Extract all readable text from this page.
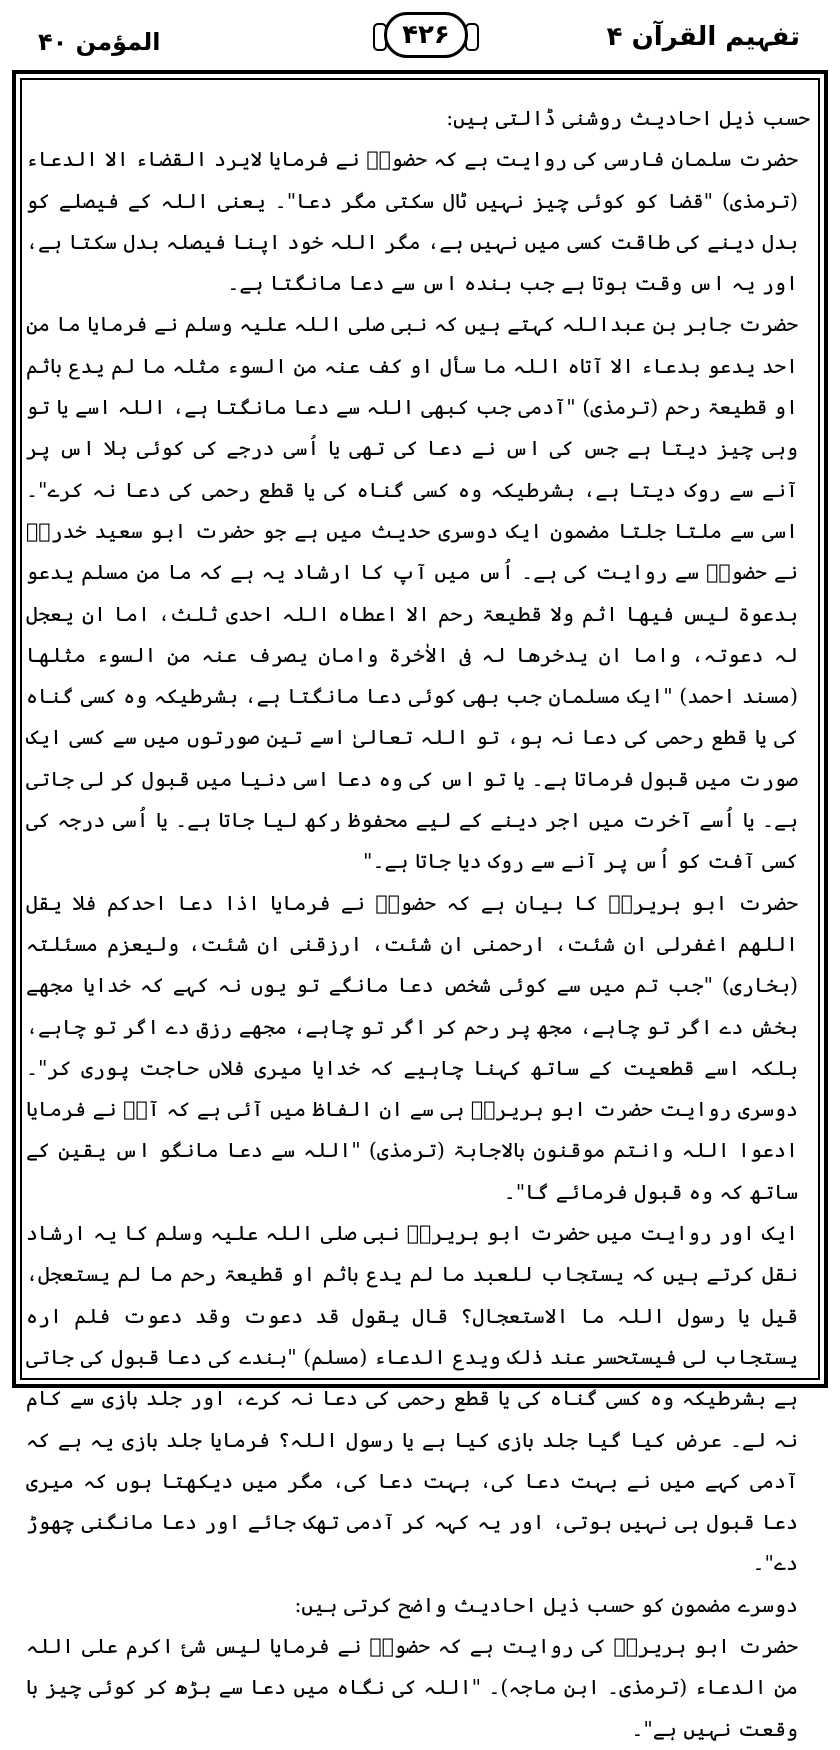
تفہیم القرآن ۴
۴۲۶
المؤمن ۴۰

حسب ذیل احادیث روشنی ڈالتی ہیں:

حضرت سلمان فارسی کی روایت ہے کہ حضورؐ نے فرمایا لایرد القضاء الا الدعاء (ترمذی) "قضا کو کوئی چیز نہیں ٹال سکتی مگر دعا"۔ یعنی اللہ کے فیصلے کو بدل دینے کی طاقت کسی میں نہیں ہے، مگر اللہ خود اپنا فیصلہ بدل سکتا ہے، اور یہ اس وقت ہوتا ہے جب بندہ اس سے دعا مانگتا ہے۔

حضرت جابر بن عبداللہ کہتے ہیں کہ نبی صلی اللہ علیہ وسلم نے فرمایا ما من احد یدعو بدعاء الا آتاہ اللہ ما سأل او کف عنہ من السوء مثلہ ما لم یدع باثم او قطیعۃ رحم (ترمذی) "آدمی جب کبھی اللہ سے دعا مانگتا ہے، اللہ اسے یا تو وہی چیز دیتا ہے جس کی اس نے دعا کی تھی یا اُسی درجے کی کوئی بلا اس پر آنے سے روک دیتا ہے، بشرطیکہ وہ کسی گناہ کی یا قطع رحمی کی دعا نہ کرے"۔ اسی سے ملتا جلتا مضمون ایک دوسری حدیث میں ہے جو حضرت ابو سعید خدریؓ نے حضورؐ سے روایت کی ہے۔ اُس میں آپ کا ارشاد یہ ہے کہ ما من مسلم یدعو بدعوۃ لیس فیھا اثم ولا قطیعۃ رحم الا اعطاہ اللہ احدی ثلث، اما ان یعجل لہ دعوتہ، واما ان یدخرھا لہ فی الاٰخرۃ وامان یصرف عنہ من السوء مثلھا (مسند احمد) "ایک مسلمان جب بھی کوئی دعا مانگتا ہے، بشرطیکہ وہ کسی گناہ کی یا قطع رحمی کی دعا نہ ہو، تو اللہ تعالیٰ اسے تین صورتوں میں سے کسی ایک صورت میں قبول فرماتا ہے۔ یا تو اس کی وہ دعا اسی دنیا میں قبول کر لی جاتی ہے۔ یا اُسے آخرت میں اجر دینے کے لیے محفوظ رکھ لیا جاتا ہے۔ یا اُسی درجہ کی کسی آفت کو اُس پر آنے سے روک دیا جاتا ہے۔"

حضرت ابو ہریرہؓ کا بیان ہے کہ حضورؐ نے فرمایا اذا دعا احدکم فلا یقل اللھم اغفرلی ان شئت، ارحمنی ان شئت، ارزقنی ان شئت، ولیعزم مسئلتہ (بخاری) "جب تم میں سے کوئی شخص دعا مانگے تو یوں نہ کہے کہ خدایا مجھے بخش دے اگر تو چاہے، مجھ پر رحم کر اگر تو چاہے، مجھے رزق دے اگر تو چاہے، بلکہ اسے قطعیت کے ساتھ کہنا چاہیے کہ خدایا میری فلاں حاجت پوری کر"۔ دوسری روایت حضرت ابو ہریرہؓ ہی سے ان الفاظ میں آئی ہے کہ آپؐ نے فرمایا ادعوا اللہ وانتم موقنون بالاجابۃ (ترمذی) "اللہ سے دعا مانگو اس یقین کے ساتھ کہ وہ قبول فرمائے گا"۔

ایک اور روایت میں حضرت ابو ہریرہؓ نبی صلی اللہ علیہ وسلم کا یہ ارشاد نقل کرتے ہیں کہ یستجاب للعبد ما لم یدع باثم او قطیعۃ رحم ما لم یستعجل، قیل یا رسول اللہ ما الاستعجال؟ قال یقول قد دعوت وقد دعوت فلم ارہ یستجاب لی فیستحسر عند ذٰلک ویدع الدعاء (مسلم) "بندے کی دعا قبول کی جاتی ہے بشرطیکہ وہ کسی گناہ کی یا قطع رحمی کی دعا نہ کرے، اور جلد بازی سے کام نہ لے۔ عرض کیا گیا جلد بازی کیا ہے یا رسول اللہ؟ فرمایا جلد بازی یہ ہے کہ آدمی کہے میں نے بہت دعا کی، بہت دعا کی، مگر میں دیکھتا ہوں کہ میری دعا قبول ہی نہیں ہوتی، اور یہ کہہ کر آدمی تھک جائے اور دعا مانگنی چھوڑ دے"۔

دوسرے مضمون کو حسب ذیل احادیث واضح کرتی ہیں:

حضرت ابو ہریرہؓ کی روایت ہے کہ حضورؐ نے فرمایا لیس شئ اکرم علی اللہ من الدعاء (ترمذی۔ ابن ماجہ)۔ "اللہ کی نگاہ میں دعا سے بڑھ کر کوئی چیز با وقعت نہیں ہے"۔
